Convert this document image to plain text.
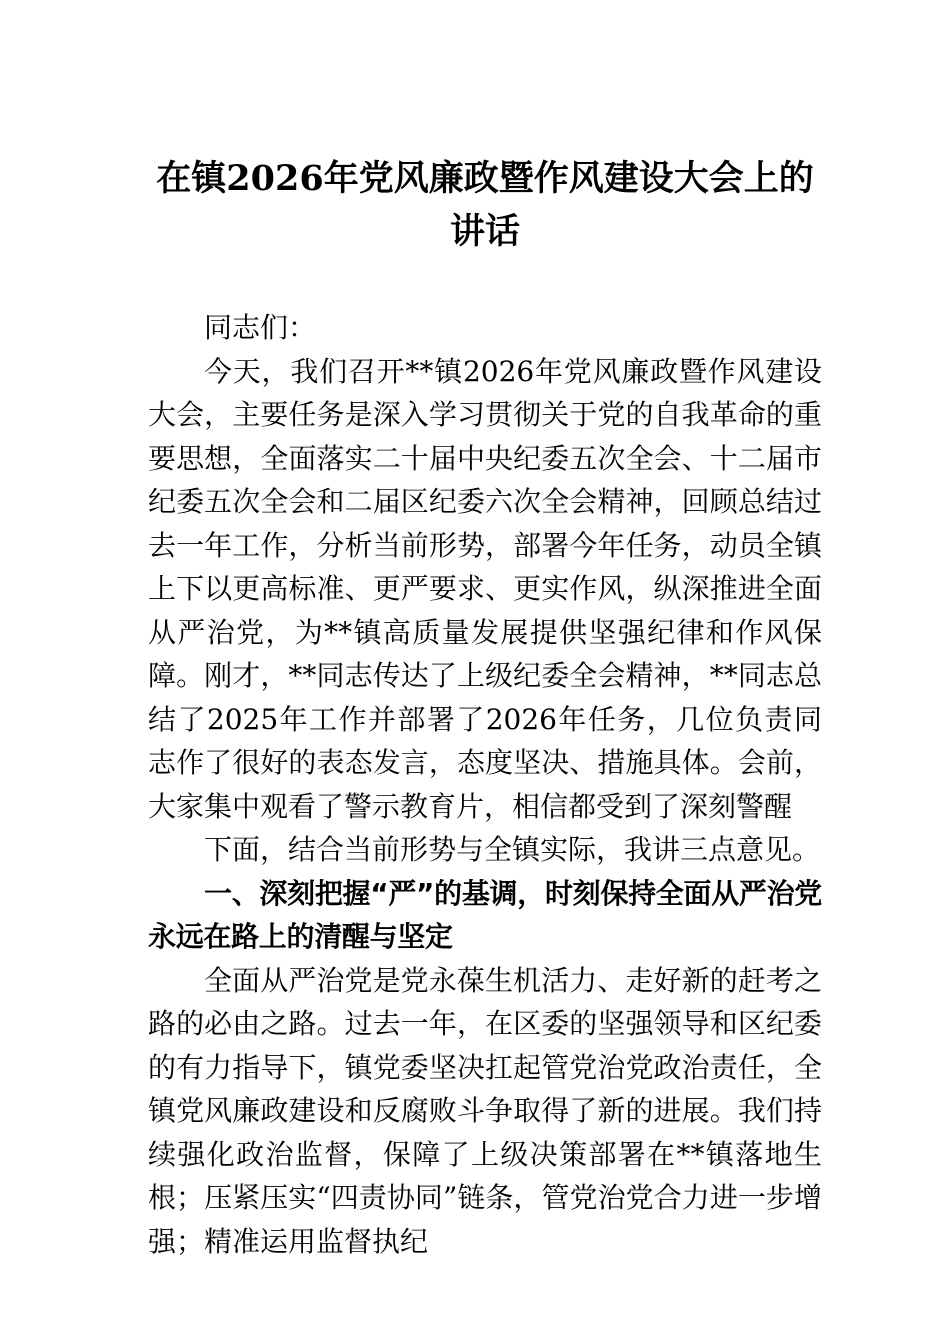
在镇2026年党风廉政暨作风建设大会上的讲话

同志们：

今天，我们召开**镇2026年党风廉政暨作风建设大会，主要任务是深入学习贯彻关于党的自我革命的重要思想，全面落实二十届中央纪委五次全会、十二届市纪委五次全会和二届区纪委六次全会精神，回顾总结过去一年工作，分析当前形势，部署今年任务，动员全镇上下以更高标准、更严要求、更实作风，纵深推进全面从严治党，为**镇高质量发展提供坚强纪律和作风保障。刚才，**同志传达了上级纪委全会精神，**同志总结了2025年工作并部署了2026年任务，几位负责同志作了很好的表态发言，态度坚决、措施具体。会前，大家集中观看了警示教育片，相信都受到了深刻警醒

下面，结合当前形势与全镇实际，我讲三点意见。

一、深刻把握“严”的基调，时刻保持全面从严治党永远在路上的清醒与坚定

全面从严治党是党永葆生机活力、走好新的赶考之路的必由之路。过去一年，在区委的坚强领导和区纪委的有力指导下，镇党委坚决扛起管党治党政治责任，全镇党风廉政建设和反腐败斗争取得了新的进展。我们持续强化政治监督，保障了上级决策部署在**镇落地生根；压紧压实“四责协同”链条，管党治党合力进一步增强；精准运用监督执纪
